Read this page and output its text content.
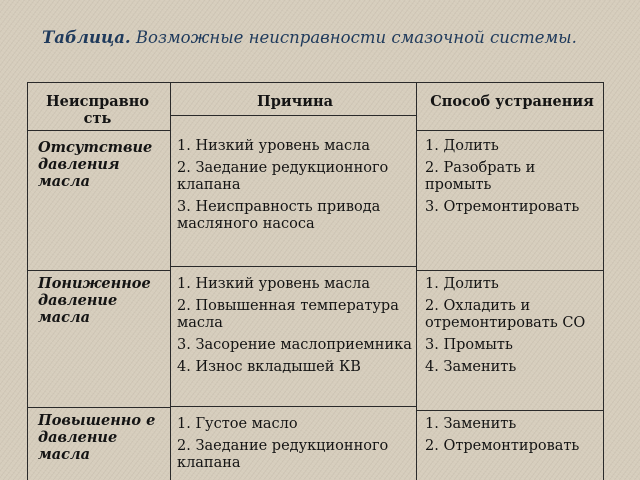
Таблица. Возможные неисправности смазочной системы.
Неисправно сть
Причина	Способ устранения
Отсутствие давления масла
1. Низкий уровень масла
2. Заедание редукционного клапана
3. Неисправность привода масляного насоса
1. Долить
2. Разобрать и промыть
3. Отремонтировать
Пониженное давление масла
1. Низкий уровень масла
2. Повышенная температура масла
3. Засорение маслоприемника
4. Износ вкладышей КВ
1. Долить
2. Охладить и отремонтировать СО
3. Промыть
4. Заменить
Повышенно е давление масла
1. Густое масло
2. Заедание редукционного клапана
1. Заменить
2. Отремонтировать
